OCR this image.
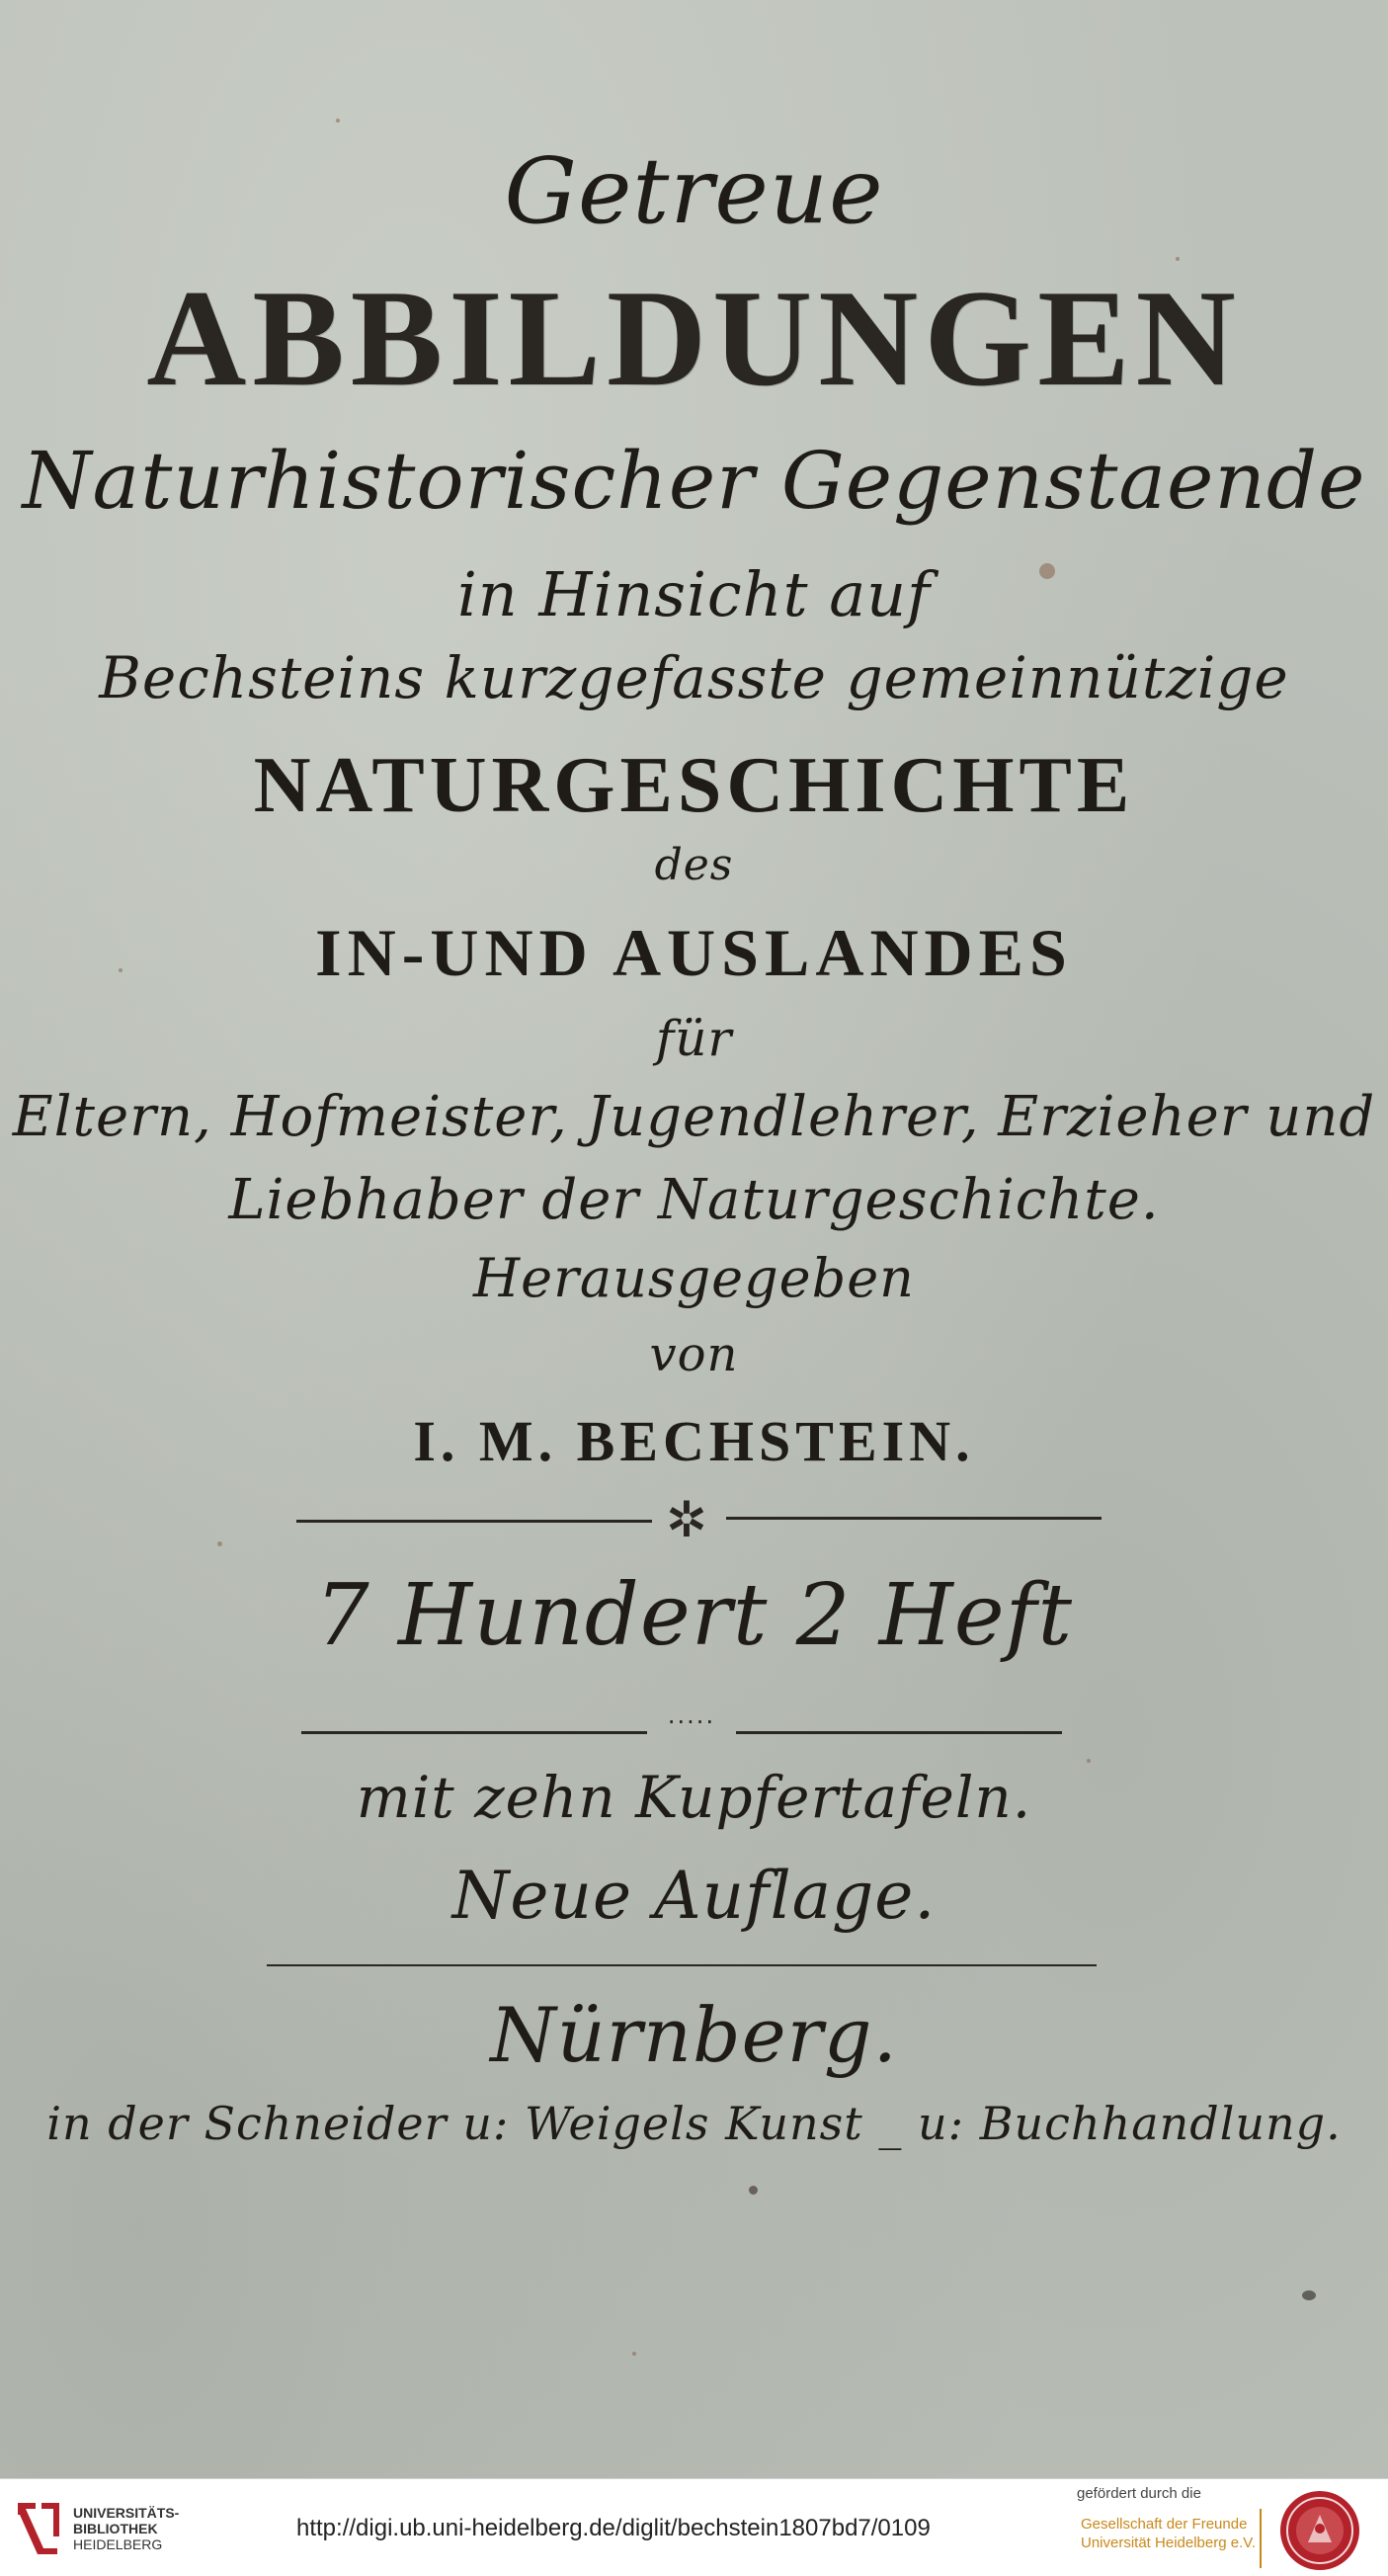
Getreue
ABBILDUNGEN
Naturhistorischer Gegenstaende
in Hinsicht auf
Bechsteins kurzgefasste gemeinnützige
NATURGESCHICHTE
des
IN-UND AUSLANDES
für
Eltern, Hofmeister, Jugendlehrer, Erzieher und
Liebhaber der Naturgeschichte.
Herausgegeben
von
I. M. BECHSTEIN.
✲
7 Hundert 2 Heft
·····
mit zehn Kupfertafeln.
Neue Auflage.
Nürnberg.
in der Schneider u: Weigels Kunst _ u: Buchhandlung.
UNIVERSITÄTS-
BIBLIOTHEK
HEIDELBERG
http://digi.ub.uni-heidelberg.de/diglit/bechstein1807bd7/0109
gefördert durch die
Gesellschaft der Freunde
Universität Heidelberg e.V.
